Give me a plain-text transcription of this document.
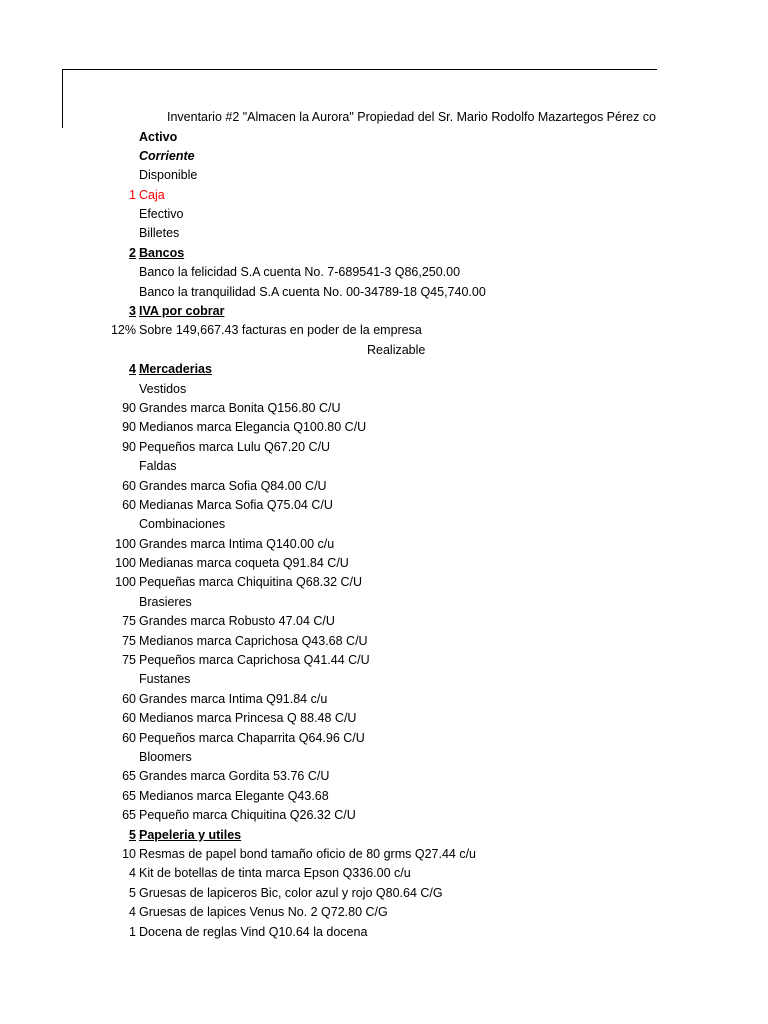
Inventario #2 "Almacen la Aurora" Propiedad del Sr. Mario Rodolfo Mazartegos Pérez co
Activo
Corriente
Disponible
1 Caja
Efectivo
Billetes
2 Bancos
Banco la felicidad S.A cuenta No. 7-689541-3 Q86,250.00
Banco la tranquilidad S.A cuenta No. 00-34789-18 Q45,740.00
3 IVA por cobrar
12% Sobre 149,667.43 facturas en poder de la empresa
Realizable
4 Mercaderias
Vestidos
90 Grandes marca Bonita Q156.80 C/U
90 Medianos marca Elegancia Q100.80 C/U
90 Pequeños marca Lulu Q67.20 C/U
Faldas
60 Grandes marca Sofia Q84.00 C/U
60 Medianas Marca Sofia Q75.04 C/U
Combinaciones
100 Grandes marca Intima Q140.00 c/u
100 Medianas marca coqueta Q91.84 C/U
100 Pequeñas marca Chiquitina Q68.32 C/U
Brasieres
75 Grandes marca Robusto 47.04 C/U
75 Medianos marca Caprichosa Q43.68 C/U
75 Pequeños marca Caprichosa Q41.44 C/U
Fustanes
60 Grandes marca Intima Q91.84 c/u
60 Medianos marca Princesa Q 88.48 C/U
60 Pequeños marca Chaparrita Q64.96 C/U
Bloomers
65 Grandes marca Gordita 53.76 C/U
65 Medianos marca Elegante Q43.68
65 Pequeño marca Chiquitina Q26.32 C/U
5 Papeleria y utiles
10 Resmas de papel bond tamaño oficio de 80 grms Q27.44 c/u
4 Kit de botellas de tinta marca Epson Q336.00 c/u
5 Gruesas de lapiceros Bic, color azul y rojo Q80.64 C/G
4 Gruesas de lapices Venus No. 2 Q72.80 C/G
1 Docena de reglas Vind Q10.64 la docena
